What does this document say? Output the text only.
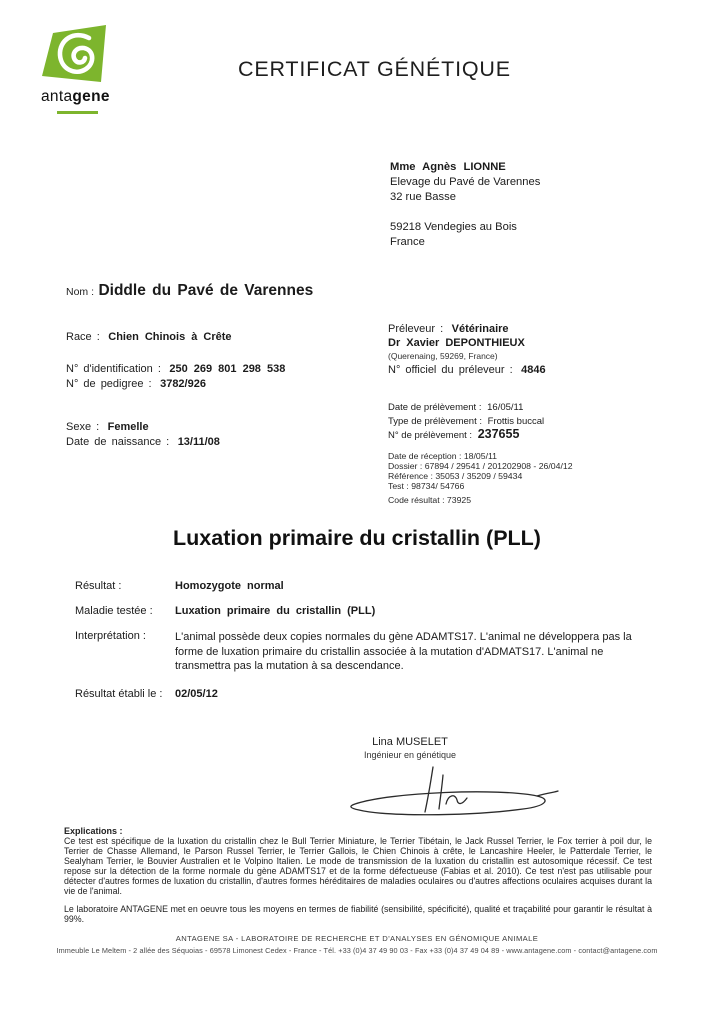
antagene
CERTIFICAT GÉNÉTIQUE
Mme Agnès LIONNE
Elevage du Pavé de Varennes
32 rue Basse
59218 Vendegies au Bois
France
Nom : Diddle du Pavé de Varennes
Race : Chien Chinois à Crête
N° d'identification : 250 269 801 298 538
N° de pedigree : 3782/926
Sexe : Femelle
Date de naissance : 13/11/08
Préleveur : Vétérinaire
Dr Xavier DEPONTHIEUX
(Querenaing, 59269, France)
N° officiel du préleveur : 4846
Date de prélèvement : 16/05/11
Type de prélèvement : Frottis buccal
N° de prélèvement : 237655
Date de réception : 18/05/11
Dossier : 67894 / 29541 / 201202908 - 26/04/12
Référence : 35053 / 35209 / 59434
Test : 98734/ 54766
Code résultat : 73925
Luxation primaire du cristallin (PLL)
Résultat :	Homozygote normal
Maladie testée :	Luxation primaire du cristallin (PLL)
Interprétation :	L'animal possède deux copies normales du gène ADAMTS17. L'animal ne développera pas la forme de luxation primaire du cristallin associée à la mutation d'ADMATS17. L'animal ne transmettra pas la mutation à sa descendance.
Résultat établi le :	02/05/12
Lina MUSELET
Ingénieur en génétique
Explications :

Ce test est spécifique de la luxation du cristallin chez le Bull Terrier Miniature, le Terrier Tibétain, le Jack Russel Terrier, le Fox terrier à poil dur, le Terrier de Chasse Allemand, le Parson Russel Terrier, le Terrier Gallois, le Chien Chinois à crête, le Lancashire Heeler, le Patterdale Terrier, le Sealyham Terrier, le Bouvier Australien et le Volpino Italien. Le mode de transmission de la luxation du cristallin est autosomique récessif. Ce test repose sur la détection de la forme normale du gène ADAMTS17 et de la forme défectueuse (Fabias et al. 2010). Ce test n'est pas utilisable pour détecter d'autres formes de luxation du cristallin, d'autres formes héréditaires de maladies oculaires ou d'autres affections oculaires acquises durant la vie de l'animal.

Le laboratoire ANTAGENE met en oeuvre tous les moyens en termes de fiabilité (sensibilité, spécificité), qualité et traçabilité pour garantir le résultat à 99%.

ANTAGENE SA - LABORATOIRE DE RECHERCHE ET D'ANALYSES EN GÉNOMIQUE ANIMALE
Immeuble Le Meltem - 2 allée des Séquoias - 69578 Limonest Cedex - France - Tél. +33 (0)4 37 49 90 03 - Fax +33 (0)4 37 49 04 89 - www.antagene.com - contact@antagene.com
